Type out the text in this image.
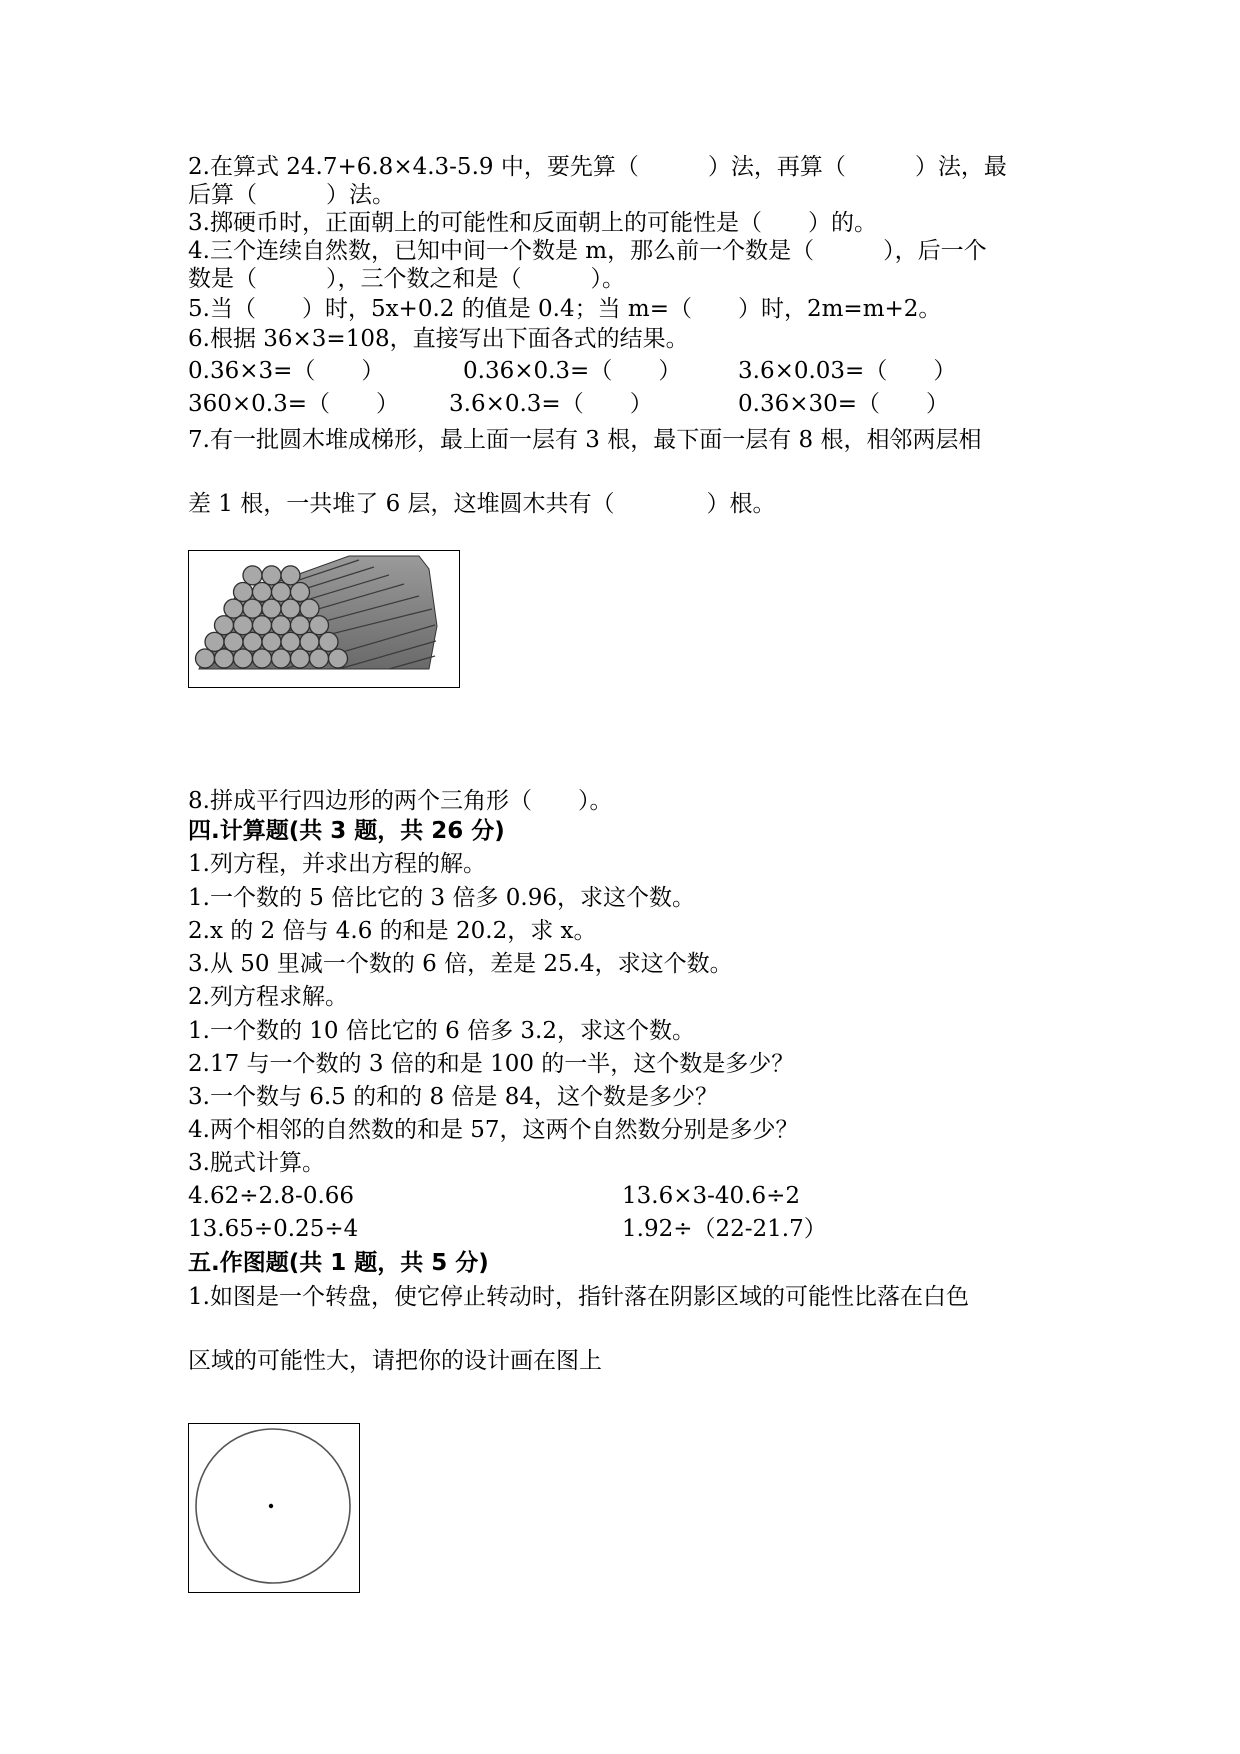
2.在算式 24.7+6.8×4.3-5.9 中，要先算（　　　）法，再算（　　　）法，最
后算（　　　）法。
3.掷硬币时，正面朝上的可能性和反面朝上的可能性是（　　）的。
4.三个连续自然数，已知中间一个数是 m，那么前一个数是（　　　），后一个
数是（　　　），三个数之和是（　　　）。
5.当（　　）时，5x+0.2 的值是 0.4；当 m=（　　）时，2m=m+2。
6.根据 36×3=108，直接写出下面各式的结果。
0.36×3=（　　）	0.36×0.3=（　　） 3.6×0.03=（　　）
360×0.3=（　　） 3.6×0.3=（　　）	0.36×30=（　　）
7.有一批圆木堆成梯形，最上面一层有 3 根，最下面一层有 8 根，相邻两层相
差 1 根，一共堆了 6 层，这堆圆木共有（　　　　）根。
8.拼成平行四边形的两个三角形（　　）。
四.计算题(共 3 题，共 26 分)
1.列方程，并求出方程的解。
1.一个数的 5 倍比它的 3 倍多 0.96，求这个数。
2.x 的 2 倍与 4.6 的和是 20.2，求 x。
3.从 50 里减一个数的 6 倍，差是 25.4，求这个数。
2.列方程求解。
1.一个数的 10 倍比它的 6 倍多 3.2，求这个数。
2.17 与一个数的 3 倍的和是 100 的一半，这个数是多少？
3.一个数与 6.5 的和的 8 倍是 84，这个数是多少？
4.两个相邻的自然数的和是 57，这两个自然数分别是多少？
3.脱式计算。
4.62÷2.8-0.66	13.6×3-40.6÷2
13.65÷0.25÷4	1.92÷（22-21.7）
五.作图题(共 1 题，共 5 分)
1.如图是一个转盘，使它停止转动时，指针落在阴影区域的可能性比落在白色
区域的可能性大，请把你的设计画在图上
